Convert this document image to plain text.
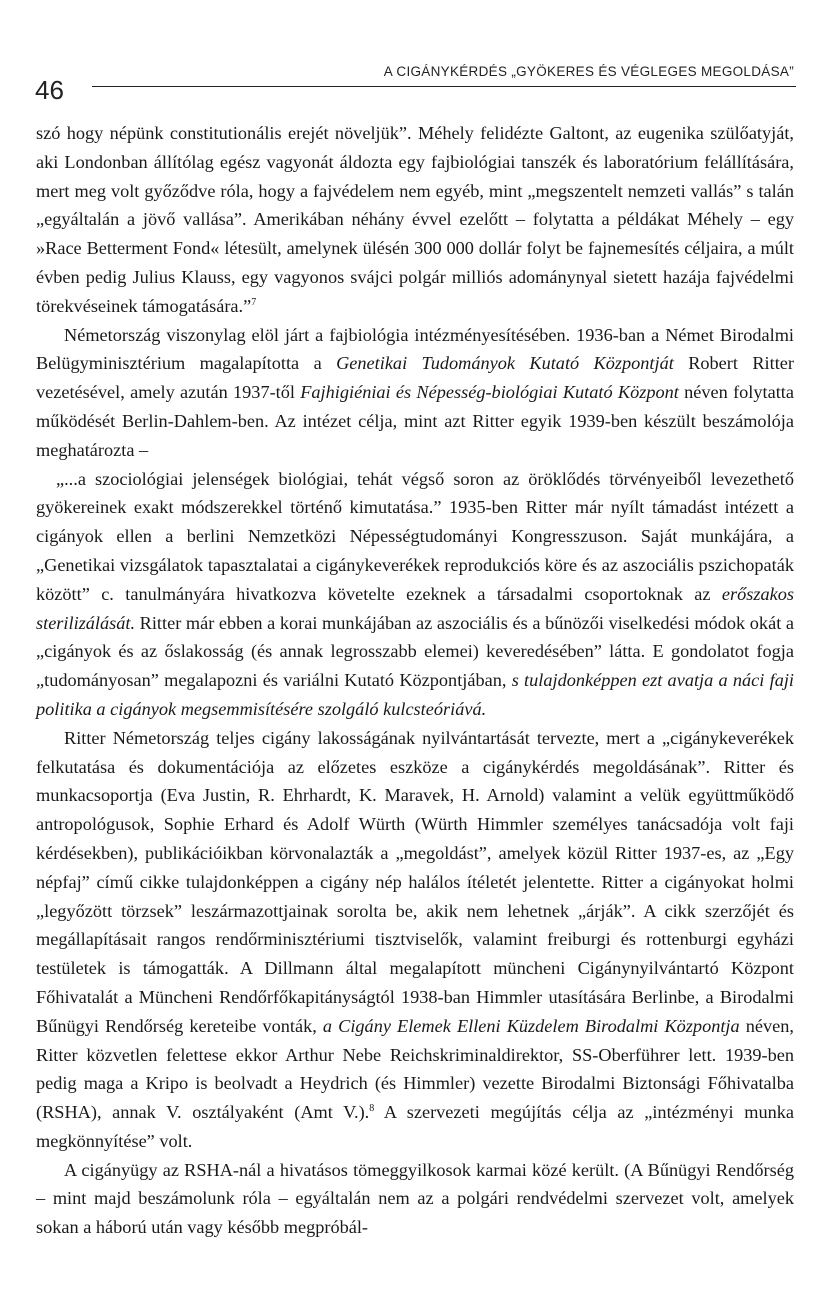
46
A CIGÁNYKÉRDÉS „GYÖKERES ÉS VÉGLEGES MEGOLDÁSA”

szó hogy népünk constitutionális erejét növeljük”. Méhely felidézte Galtont, az eugenika szülőatyját, aki Londonban állítólag egész vagyonát áldozta egy fajbiológiai tanszék és laboratórium felállítására, mert meg volt győződve róla, hogy a fajvédelem nem egyéb, mint „megszentelt nemzeti vallás” s talán „egyáltalán a jövő vallása”. Amerikában néhány évvel ezelőtt – folytatta a példákat Méhely – egy »Race Betterment Fond« létesült, amelynek ülésén 300 000 dollár folyt be fajnemesítés céljaira, a múlt évben pedig Julius Klauss, egy vagyonos svájci polgár milliós adománynyal sietett hazája fajvédelmi törekvéseinek támogatására.”$^7$

Németország viszonylag elöl járt a fajbiológia intézményesítésében. 1936-ban a Német Birodalmi Belügyminisztérium magalapította a Genetikai Tudományok Kutató Központját Robert Ritter vezetésével, amely azután 1937-től Fajhigiéniai és Népesség-biológiai Kutató Központ néven folytatta működését Berlin-Dahlem-ben. Az intézet célja, mint azt Ritter egyik 1939-ben készült beszámolója meghatározta –

„...a szociológiai jelenségek biológiai, tehát végső soron az öröklődés törvényeiből levezethető gyökereinek exakt módszerekkel történő kimutatása.” 1935-ben Ritter már nyílt támadást intézett a cigányok ellen a berlini Nemzetközi Népességtudományi Kongresszuson. Saját munkájára, a „Genetikai vizsgálatok tapasztalatai a cigánykeverékek reprodukciós köre és az aszociális pszichopaták között” c. tanulmányára hivatkozva követelte ezeknek a társadalmi csoportoknak az erőszakos sterilizálását. Ritter már ebben a korai munkájában az aszociális és a bűnözői viselkedési módok okát a „cigányok és az őslakosság (és annak legrosszabb elemei) keveredésében” látta. E gondolatot fogja „tudományosan” megalapozni és variálni Kutató Központjában, s tulajdonképpen ezt avatja a náci faji politika a cigányok megsemmisítésére szolgáló kulcsteóriává.

Ritter Németország teljes cigány lakosságának nyilvántartását tervezte, mert a „cigánykeverékek felkutatása és dokumentációja az előzetes eszköze a cigánykérdés megoldásának”. Ritter és munkacsoportja (Eva Justin, R. Ehrhardt, K. Maravek, H. Arnold) valamint a velük együttműködő antropológusok, Sophie Erhard és Adolf Würth (Würth Himmler személyes tanácsadója volt faji kérdésekben), publikációikban körvonalazták a „megoldást”, amelyek közül Ritter 1937-es, az „Egy népfaj” című cikke tulajdonképpen a cigány nép halálos ítéletét jelentette. Ritter a cigányokat holmi „legyőzött törzsek” leszármazottjainak sorolta be, akik nem lehetnek „árják”. A cikk szerzőjét és megállapításait rangos rendőrminisztériumi tisztviselők, valamint freiburgi és rottenburgi egyházi testületek is támogatták. A Dillmann által megalapított müncheni Cigánynyilvántartó Központ Főhivatalát a Müncheni Rendőrfőkapitányságtól 1938-ban Himmler utasítására Berlinbe, a Birodalmi Bűnügyi Rendőrség kereteibe vonták, a Cigány Elemek Elleni Küzdelem Birodalmi Központja néven, Ritter közvetlen felettese ekkor Arthur Nebe Reichskriminaldirektor, SS-Oberführer lett. 1939-ben pedig maga a Kripo is beolvadt a Heydrich (és Himmler) vezette Birodalmi Biztonsági Főhivatalba (RSHA), annak V. osztályaként (Amt V.).$^8$ A szervezeti megújítás célja az „intézményi munka megkönnyítése” volt.

A cigányügy az RSHA-nál a hivatásos tömeggyilkosok karmai közé került. (A Bűnügyi Rendőrség – mint majd beszámolunk róla – egyáltalán nem az a polgári rendvédelmi szervezet volt, amelyek sokan a háború után vagy később megpróbál-
